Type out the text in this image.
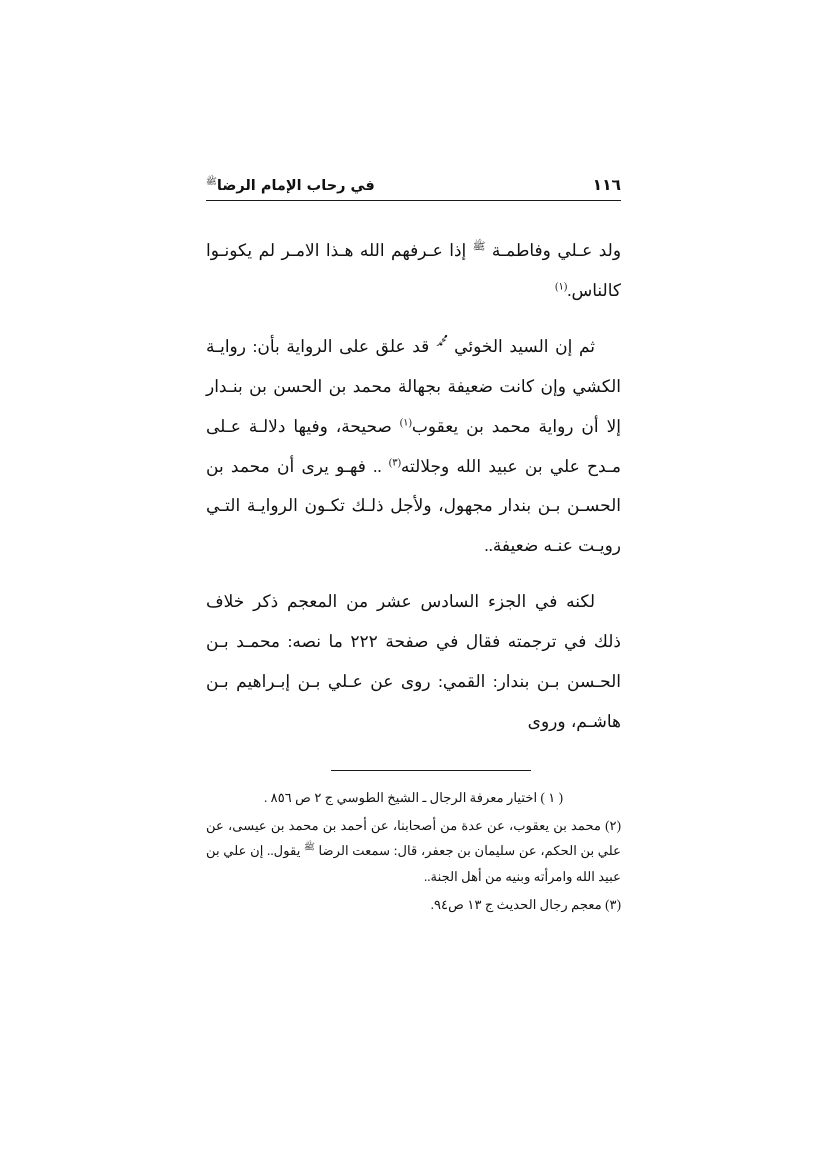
في رحاب الإمام الرضا$^ﷺ$	١١٦

ولد عـلي وفاطمـة $^ﷺ$ إذا عـرفهم الله هـذا الامـر لم يكونـوا كالناس.$^{(١)}$

ثم إن السيد الخوئي $^ﷴ$ قد علق على الرواية بأن: روايـة الكشي وإن كانت ضعيفة بجهالة محمد بن الحسن بن بنـدار إلا أن رواية محمد بن يعقوب$^{(١)}$ صحيحة، وفيها دلالـة عـلى مـدح علي بن عبيد الله وجلالته$^{(٣)}$ .. فهـو يرى أن محمد بن الحسـن بـن بندار مجهول، ولأجل ذلـك تكـون الروايـة التـي رويـت عنـه ضعيفة..

لكنه في الجزء السادس عشر من المعجم ذكر خلاف ذلك في ترجمته فقال في صفحة ٢٢٢ ما نصه: محمـد بـن الحـسن بـن بندار: القمي: روى عن عـلي بـن إبـراهيم بـن هاشـم، وروى

( ١ ) اختيار معرفة الرجال ـ الشيخ الطوسي ج ٢ ص ٨٥٦ .
(٢) محمد بن يعقوب، عن عدة من أصحابنا، عن أحمد بن محمد بن عيسى، عن علي بن الحكم، عن سليمان بن جعفر، قال: سمعت الرضا $^ﷺ$ يقول.. إن علي بن عبيد الله وامرأته وبنيه من أهل الجنة..
(٣) معجم رجال الحديث ج ١٣ ص٩٤.
